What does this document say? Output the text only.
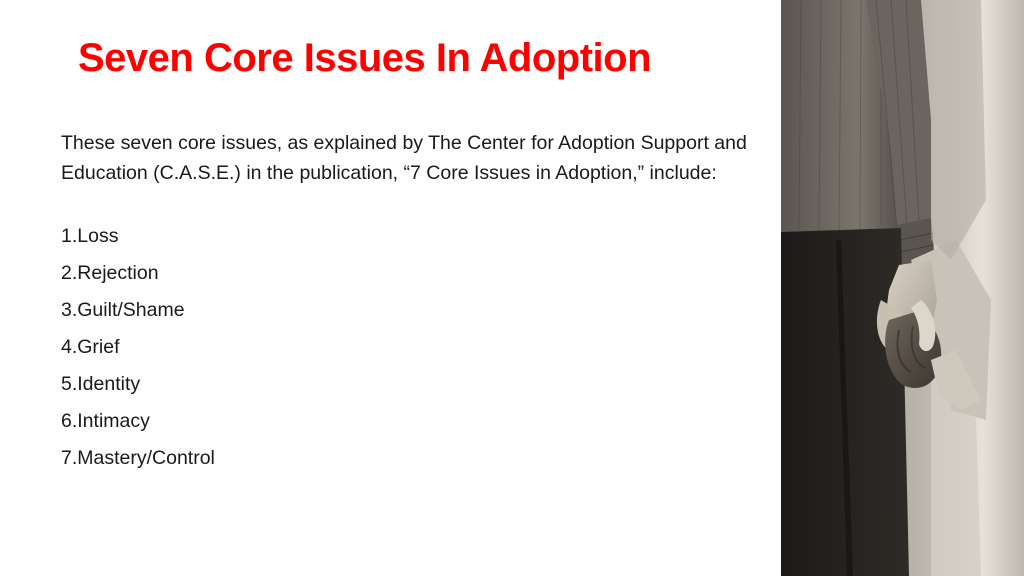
Seven Core Issues In Adoption

These seven core issues, as explained by The Center for Adoption Support and Education (C.A.S.E.) in the publication, “7 Core Issues in Adoption,” include:

1.Loss
2.Rejection
3.Guilt/Shame
4.Grief
5.Identity
6.Intimacy
7.Mastery/Control
